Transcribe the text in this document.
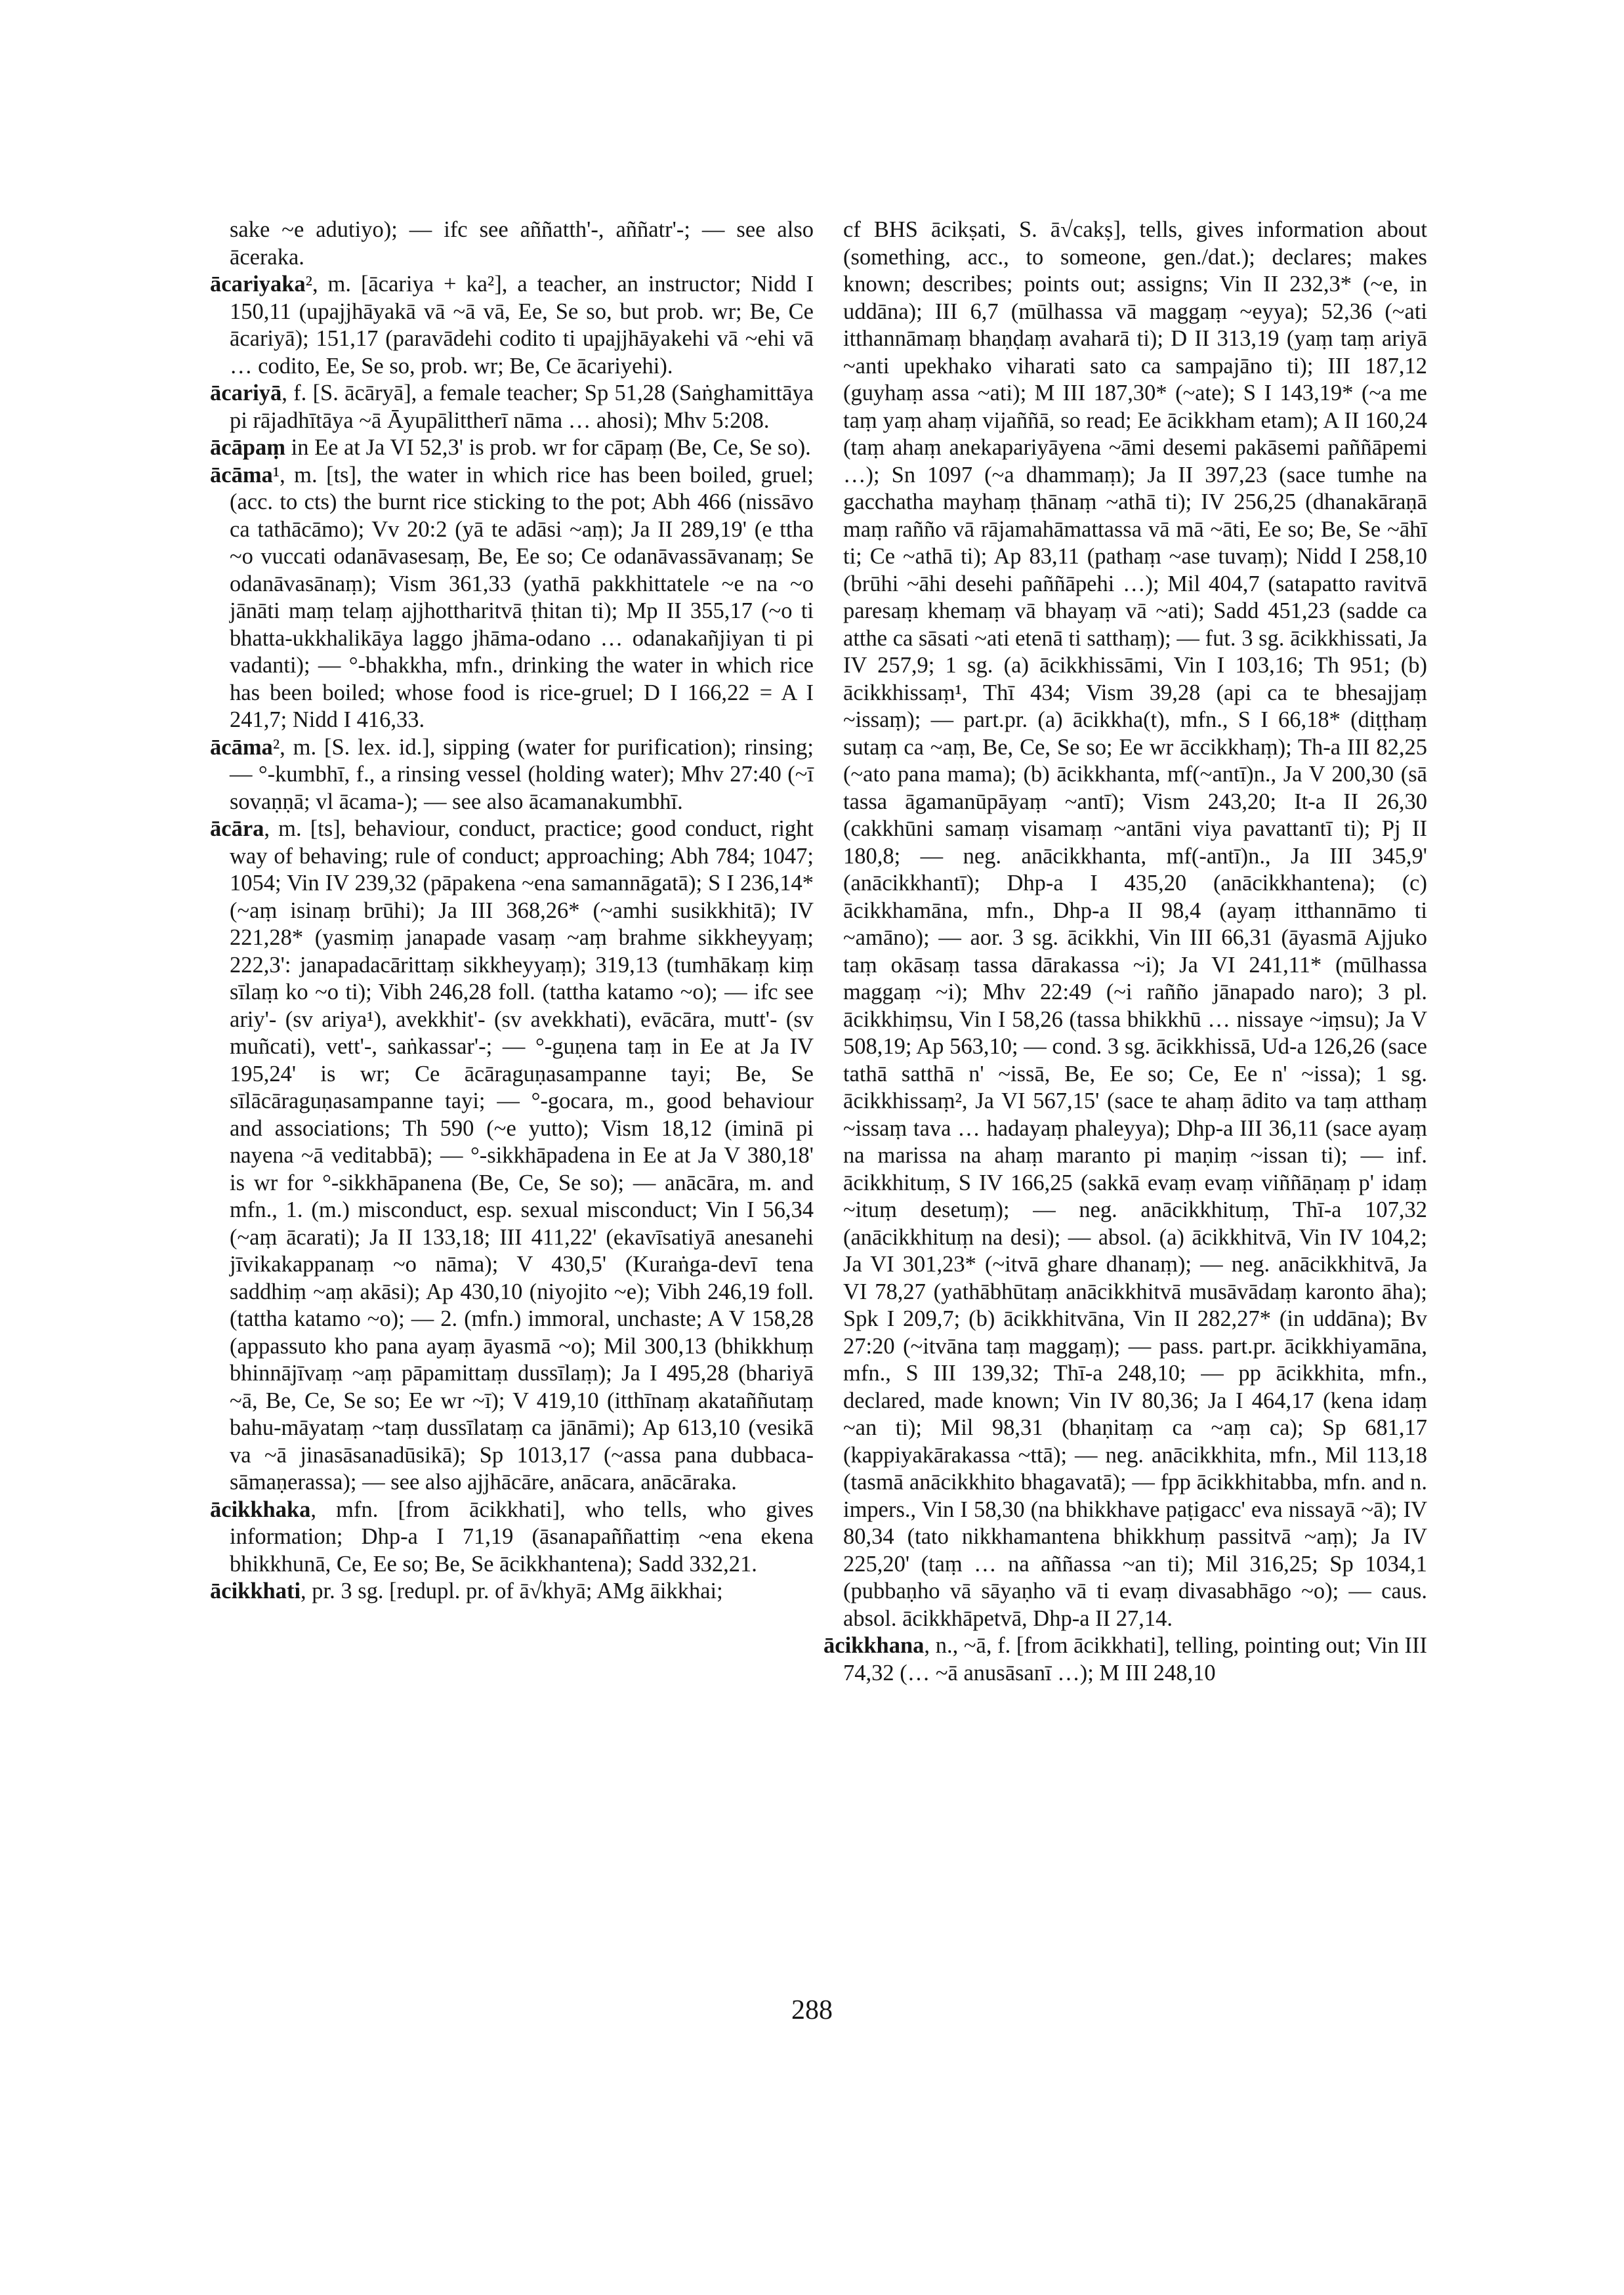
sake ~e adutiyo); — ifc see aññatth'-, aññatr'-; — see also āceraka.

ācariyaka², m. [ācariya + ka²], a teacher, an instructor; Nidd I 150,11 (upajjhāyakā vā ~ā vā, Ee, Se so, but prob. wr; Be, Ce ācariyā); 151,17 (paravādehi codito ti upajjhāyakehi vā ~ehi vā … codito, Ee, Se so, prob. wr; Be, Ce ācariyehi).

ācariyā, f. [S. ācāryā], a female teacher; Sp 51,28 (Saṅghamittāya pi rājadhītāya ~ā Āyupālittherī nāma … ahosi); Mhv 5:208.

ācāpaṃ in Ee at Ja VI 52,3' is prob. wr for cāpaṃ (Be, Ce, Se so).

ācāma¹, m. [ts], the water in which rice has been boiled, gruel; (acc. to cts) the burnt rice sticking to the pot; Abh 466 (nissāvo ca tathācāmo); Vv 20:2 (yā te adāsi ~aṃ); Ja II 289,19' (e ttha ~o vuccati odanāvasesaṃ, Be, Ee so; Ce odanāvassāvanaṃ; Se odanāvasānaṃ); Vism 361,33 (yathā pakkhittatele ~e na ~o jānāti maṃ telaṃ ajjhottharitvā ṭhitan ti); Mp II 355,17 (~o ti bhatta-ukkhalikāya laggo jhāma-odano … odanakañjiyan ti pi vadanti); — °-bhakkha, mfn., drinking the water in which rice has been boiled; whose food is rice-gruel; D I 166,22 = A I 241,7; Nidd I 416,33.

ācāma², m. [S. lex. id.], sipping (water for purification); rinsing; — °-kumbhī, f., a rinsing vessel (holding water); Mhv 27:40 (~ī sovaṇṇā; vl ācama-); — see also ācamanakumbhī.

ācāra, m. [ts], behaviour, conduct, practice; good conduct, right way of behaving; rule of conduct; approaching; Abh 784; 1047; 1054; Vin IV 239,32 (pāpakena ~ena samannāgatā); S I 236,14* (~aṃ isinaṃ brūhi); Ja III 368,26* (~amhi susikkhitā); IV 221,28* (yasmiṃ janapade vasaṃ ~aṃ brahme sikkheyyaṃ; 222,3': janapadacārittaṃ sikkheyyaṃ); 319,13 (tumhākaṃ kiṃ sīlaṃ ko ~o ti); Vibh 246,28 foll. (tattha katamo ~o); — ifc see ariy'- (sv ariya¹), avekkhit'- (sv avekkhati), evācāra, mutt'- (sv muñcati), vett'-, saṅkassar'-; — °-guṇena taṃ in Ee at Ja IV 195,24' is wr; Ce ācāraguṇasampanne tayi; Be, Se sīlācāraguṇasampanne tayi; — °-gocara, m., good behaviour and associations; Th 590 (~e yutto); Vism 18,12 (iminā pi nayena ~ā veditabbā); — °-sikkhāpadena in Ee at Ja V 380,18' is wr for °-sikkhāpanena (Be, Ce, Se so); — anācāra, m. and mfn., 1. (m.) misconduct, esp. sexual misconduct; Vin I 56,34 (~aṃ ācarati); Ja II 133,18; III 411,22' (ekavīsatiyā anesanehi jīvikakappanaṃ ~o nāma); V 430,5' (Kuraṅga-devī tena saddhiṃ ~aṃ akāsi); Ap 430,10 (niyojito ~e); Vibh 246,19 foll. (tattha katamo ~o); — 2. (mfn.) immoral, unchaste; A V 158,28 (appassuto kho pana ayaṃ āyasmā ~o); Mil 300,13 (bhikkhuṃ bhinnājīvaṃ ~aṃ pāpamittaṃ dussīlaṃ); Ja I 495,28 (bhariyā ~ā, Be, Ce, Se so; Ee wr ~ī); V 419,10 (itthīnaṃ akataññutaṃ bahu-māyataṃ ~taṃ dussīlataṃ ca jānāmi); Ap 613,10 (vesikā va ~ā jinasāsanadūsikā); Sp 1013,17 (~assa pana dubbaca-sāmaṇerassa); — see also ajjhācāre, anācara, anācāraka.

ācikkhaka, mfn. [from ācikkhati], who tells, who gives information; Dhp-a I 71,19 (āsanapaññattiṃ ~ena ekena bhikkhunā, Ce, Ee so; Be, Se ācikkhantena); Sadd 332,21.

ācikkhati, pr. 3 sg. [redupl. pr. of ā√khyā; AMg āikkhai;

cf BHS ācikṣati, S. ā√cakṣ], tells, gives information about (something, acc., to someone, gen./dat.); declares; makes known; describes; points out; assigns; Vin II 232,3* (~e, in uddāna); III 6,7 (mūlhassa vā maggaṃ ~eyya); 52,36 (~ati itthannāmaṃ bhaṇḍaṃ avaharā ti); D II 313,19 (yaṃ taṃ ariyā ~anti upekhako viharati sato ca sampajāno ti); III 187,12 (guyhaṃ assa ~ati); M III 187,30* (~ate); S I 143,19* (~a me taṃ yaṃ ahaṃ vijaññā, so read; Ee ācikkham etam); A II 160,24 (taṃ ahaṃ anekapariyāyena ~āmi desemi pakāsemi paññāpemi …); Sn 1097 (~a dhammaṃ); Ja II 397,23 (sace tumhe na gacchatha mayhaṃ ṭhānaṃ ~athā ti); IV 256,25 (dhanakāraṇā maṃ rañño vā rājamahāmattassa vā mā ~āti, Ee so; Be, Se ~āhī ti; Ce ~athā ti); Ap 83,11 (pathaṃ ~ase tuvaṃ); Nidd I 258,10 (brūhi ~āhi desehi paññāpehi …); Mil 404,7 (satapatto ravitvā paresaṃ khemaṃ vā bhayaṃ vā ~ati); Sadd 451,23 (sadde ca atthe ca sāsati ~ati etenā ti satthaṃ); — fut. 3 sg. ācikkhissati, Ja IV 257,9; 1 sg. (a) ācikkhissāmi, Vin I 103,16; Th 951; (b) ācikkhissaṃ¹, Thī 434; Vism 39,28 (api ca te bhesajjaṃ ~issaṃ); — part.pr. (a) ācikkha(t), mfn., S I 66,18* (diṭṭhaṃ sutaṃ ca ~aṃ, Be, Ce, Se so; Ee wr āccikkhaṃ); Th-a III 82,25 (~ato pana mama); (b) ācikkhanta, mf(~antī)n., Ja V 200,30 (sā tassa āgamanūpāyaṃ ~antī); Vism 243,20; It-a II 26,30 (cakkhūni samaṃ visamaṃ ~antāni viya pavattantī ti); Pj II 180,8; — neg. anācikkhanta, mf(-antī)n., Ja III 345,9' (anācikkhantī); Dhp-a I 435,20 (anācikkhantena); (c) ācikkhamāna, mfn., Dhp-a II 98,4 (ayaṃ itthannāmo ti ~amāno); — aor. 3 sg. ācikkhi, Vin III 66,31 (āyasmā Ajjuko taṃ okāsaṃ tassa dārakassa ~i); Ja VI 241,11* (mūlhassa maggaṃ ~i); Mhv 22:49 (~i rañño jānapado naro); 3 pl. ācikkhiṃsu, Vin I 58,26 (tassa bhikkhū … nissaye ~iṃsu); Ja V 508,19; Ap 563,10; — cond. 3 sg. ācikkhissā, Ud-a 126,26 (sace tathā satthā n' ~issā, Be, Ee so; Ce, Ee n' ~issa); 1 sg. ācikkhissaṃ², Ja VI 567,15' (sace te ahaṃ ādito va taṃ atthaṃ ~issaṃ tava … hadayaṃ phaleyya); Dhp-a III 36,11 (sace ayaṃ na marissa na ahaṃ maranto pi maṇiṃ ~issan ti); — inf. ācikkhituṃ, S IV 166,25 (sakkā evaṃ evaṃ viññāṇaṃ p' idaṃ ~ituṃ desetuṃ); — neg. anācikkhituṃ, Thī-a 107,32 (anācikkhituṃ na desi); — absol. (a) ācikkhitvā, Vin IV 104,2; Ja VI 301,23* (~itvā ghare dhanaṃ); — neg. anācikkhitvā, Ja VI 78,27 (yathābhūtaṃ anācikkhitvā musāvādaṃ karonto āha); Spk I 209,7; (b) ācikkhitvāna, Vin II 282,27* (in uddāna); Bv 27:20 (~itvāna taṃ maggaṃ); — pass. part.pr. ācikkhiyamāna, mfn., S III 139,32; Thī-a 248,10; — pp ācikkhita, mfn., declared, made known; Vin IV 80,36; Ja I 464,17 (kena idaṃ ~an ti); Mil 98,31 (bhaṇitaṃ ca ~aṃ ca); Sp 681,17 (kappiyakārakassa ~ttā); — neg. anācikkhita, mfn., Mil 113,18 (tasmā anācikkhito bhagavatā); — fpp ācikkhitabba, mfn. and n. impers., Vin I 58,30 (na bhikkhave paṭigacc' eva nissayā ~ā); IV 80,34 (tato nikkhamantena bhikkhuṃ passitvā ~aṃ); Ja IV 225,20' (taṃ … na aññassa ~an ti); Mil 316,25; Sp 1034,1 (pubbaṇho vā sāyaṇho vā ti evaṃ divasabhāgo ~o); — caus. absol. ācikkhāpetvā, Dhp-a II 27,14.

ācikkhana, n., ~ā, f. [from ācikkhati], telling, pointing out; Vin III 74,32 (… ~ā anusāsanī …); M III 248,10

288
